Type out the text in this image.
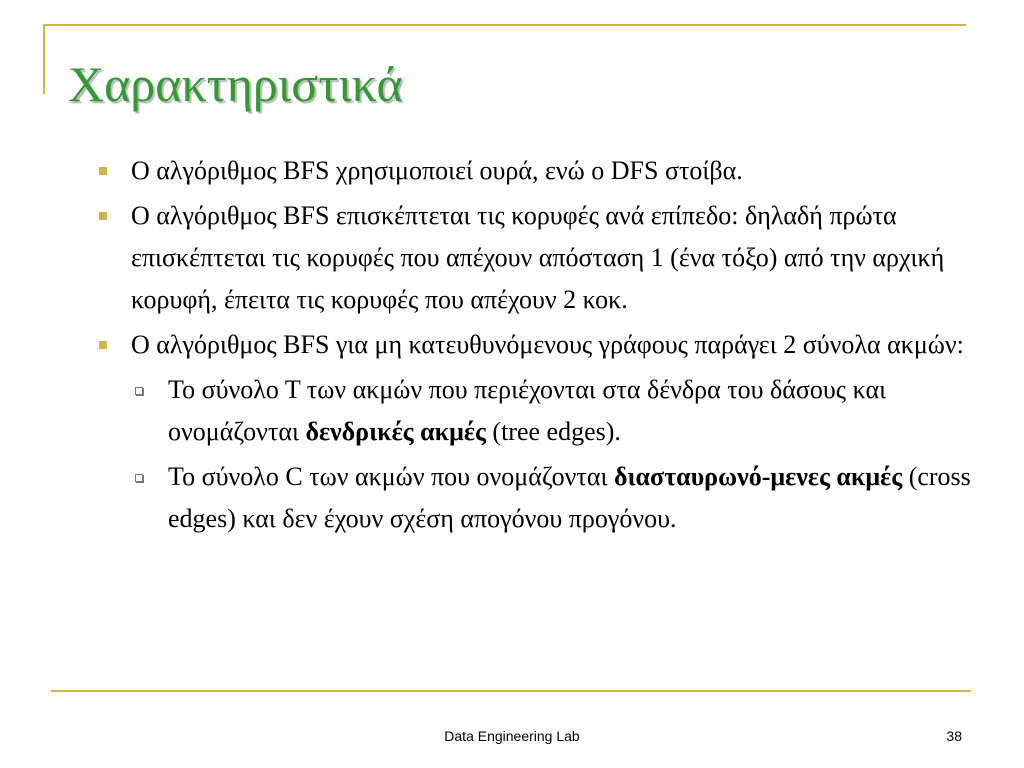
Χαρακτηριστικά
Ο αλγόριθμος BFS χρησιμοποιεί ουρά, ενώ ο DFS στοίβα.
Ο αλγόριθμος BFS επισκέπτεται τις κορυφές ανά επίπεδο: δηλαδή πρώτα επισκέπτεται τις κορυφές που απέχουν απόσταση 1 (ένα τόξο) από την αρχική κορυφή, έπειτα τις κορυφές που απέχουν 2 κοκ.
Ο αλγόριθμος BFS για μη κατευθυνόμενους γράφους παράγει 2 σύνολα ακμών:
Το σύνολο Τ των ακμών που περιέχονται στα δένδρα του δάσους και ονομάζονται δενδρικές ακμές (tree edges).
Το σύνολο C των ακμών που ονομάζονται διασταυρωνό-μενες ακμές (cross edges) και δεν έχουν σχέση απογόνου προγόνου.
Data Engineering Lab	38
